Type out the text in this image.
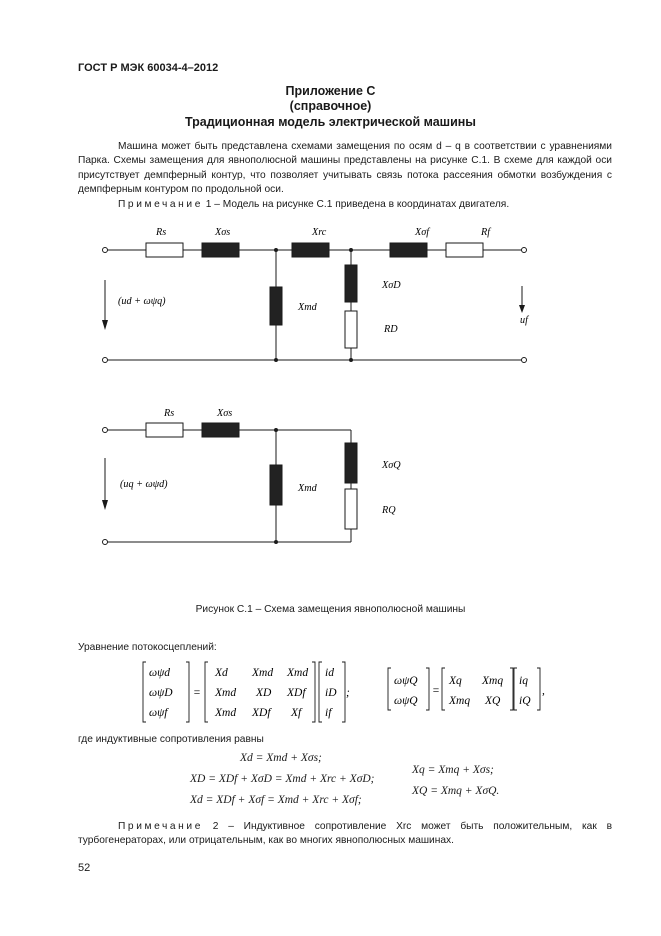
ГОСТ Р МЭК 60034-4–2012
Приложение С
(справочное)
Традиционная модель электрической машины

Машина может быть представлена схемами замещения по осям d – q в соответствии с уравнениями Парка. Схемы замещения для явнополюсной машины представлены на рисунке С.1. В схеме для каждой оси присутствует демпферный контур, что позволяет учитывать связь потока рассеяния обмотки возбуждения с демпферным контуром по продольной оси.

Примечание 1 – Модель на рисунке С.1 приведена в координатах двигателя.
Rs	Xσs	Xrc	Xσf	Rf
(ud + ωψq)
Xmd
XσD
RD
uf
Rs	Xσs
(uq + ωψd)	Xmd
XσQ
RQ
Рисунок С.1 – Схема замещения явнополюсной машины
Уравнение потокосцеплений:
ωψd
ωψD
ωψf
=
Xd Xmd Xmd
Xmd XD XDf
Xmd XDf Xf
id
iD
if
;
ωψQ
ωψQ
=
Xq Xmq
Xmq XQ
iq
iQ
,
где индуктивные сопротивления равны
Xd = Xmd + Xσs;
XD = XDf + XσD = Xmd + Xrc + XσD;
Xd = XDf + Xσf = Xmd + Xrc + Xσf;
Xq = Xmq + Xσs;
XQ = Xmq + XσQ.
Примечание 2 – Индуктивное сопротивление Xrc может быть положительным, как в турбогенераторах, или отрицательным, как во многих явнополюсных машинах.
52
